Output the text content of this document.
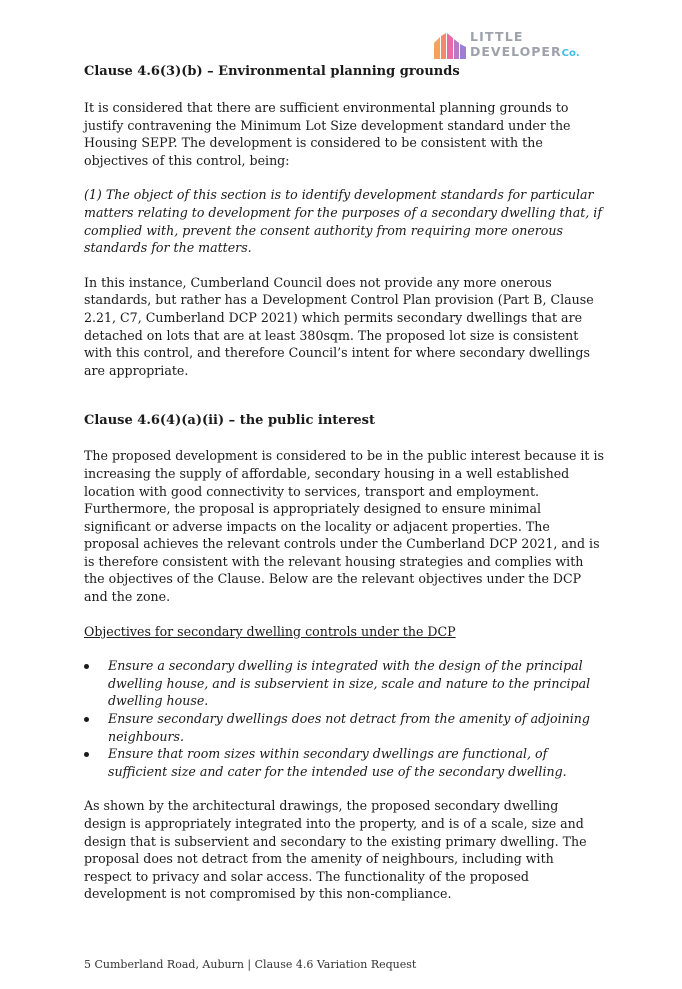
LITTLE
DEVELOPERCo.
Clause 4.6(3)(b) – Environmental planning grounds

It is considered that there are sufficient environmental planning grounds to justify contravening the Minimum Lot Size development standard under the Housing SEPP. The development is considered to be consistent with the objectives of this control, being:

(1) The object of this section is to identify development standards for particular matters relating to development for the purposes of a secondary dwelling that, if complied with, prevent the consent authority from requiring more onerous standards for the matters.

In this instance, Cumberland Council does not provide any more onerous standards, but rather has a Development Control Plan provision (Part B, Clause 2.21, C7, Cumberland DCP 2021) which permits secondary dwellings that are detached on lots that are at least 380sqm. The proposed lot size is consistent with this control, and therefore Council’s intent for where secondary dwellings are appropriate.

Clause 4.6(4)(a)(ii) – the public interest

The proposed development is considered to be in the public interest because it is increasing the supply of affordable, secondary housing in a well established location with good connectivity to services, transport and employment. Furthermore, the proposal is appropriately designed to ensure minimal significant or adverse impacts on the locality or adjacent properties. The proposal achieves the relevant controls under the Cumberland DCP 2021, and is is therefore consistent with the relevant housing strategies and complies with the objectives of the Clause. Below are the relevant objectives under the DCP and the zone.

Objectives for secondary dwelling controls under the DCP

Ensure a secondary dwelling is integrated with the design of the principal dwelling house, and is subservient in size, scale and nature to the principal dwelling house.
Ensure secondary dwellings does not detract from the amenity of adjoining neighbours.
Ensure that room sizes within secondary dwellings are functional, of sufficient size and cater for the intended use of the secondary dwelling.

As shown by the architectural drawings, the proposed secondary dwelling design is appropriately integrated into the property, and is of a scale, size and design that is subservient and secondary to the existing primary dwelling. The proposal does not detract from the amenity of neighbours, including with respect to privacy and solar access. The functionality of the proposed development is not compromised by this non-compliance.

5 Cumberland Road, Auburn | Clause 4.6 Variation Request
